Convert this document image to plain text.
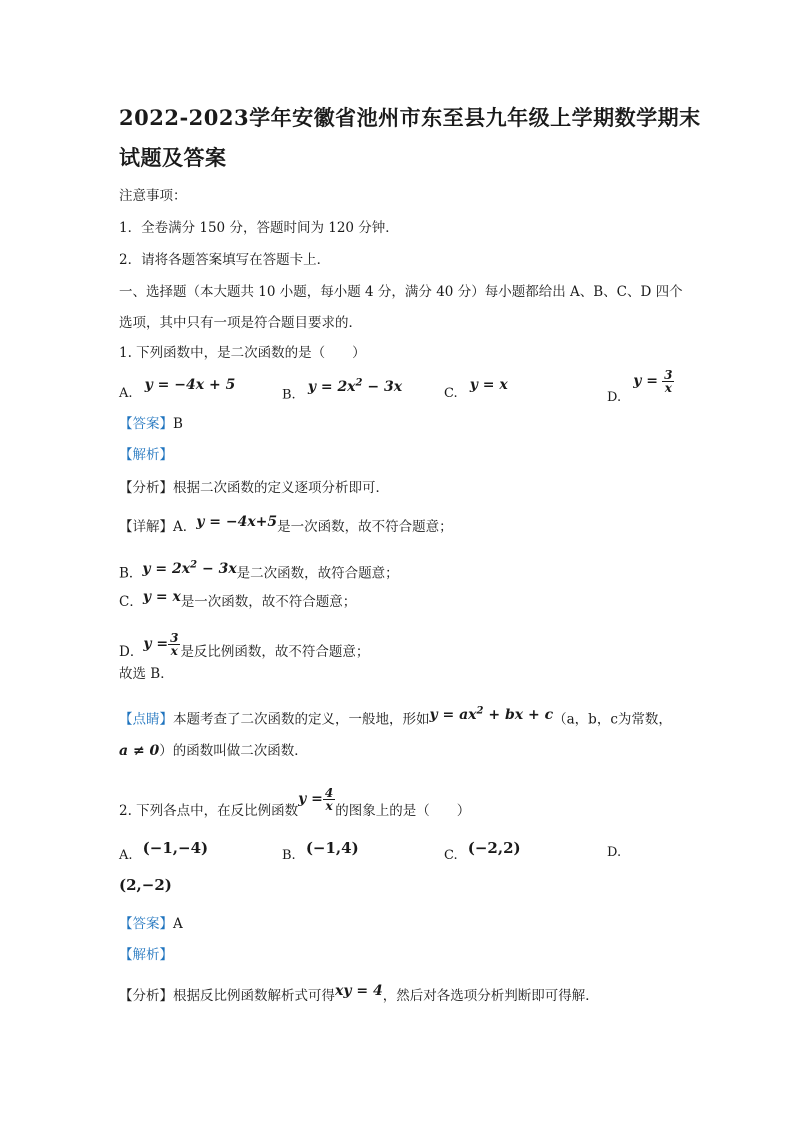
2022-2023学年安徽省池州市东至县九年级上学期数学期末
试题及答案
注意事项：
1．全卷满分 150 分，答题时间为 120 分钟．
2．请将各题答案填写在答题卡上．
一、选择题（本大题共 10 小题，每小题 4 分，满分 40 分）每小题都给出 A、B、C、D 四个
选项，其中只有一项是符合题目要求的．
1. 下列函数中，是二次函数的是（　　）
A. y = −4x + 5
B. $y = 2x^2 - 3x$	C. y = x
D. $y = \frac{3}{x}$
【答案】B
【解析】
【分析】根据二次函数的定义逐项分析即可．
【详解】A．y = −4x+5是一次函数，故不符合题意；
B．$y = 2x^2 - 3x$是二次函数，故符合题意；
C．y = x是一次函数，故不符合题意；
D．$y = \frac{3}{x}$ 是反比例函数，故不符合题意；
故选 B．
【点睛】本题考查了二次函数的定义，一般地，形如$y = ax^2$ + bx + c（a，b，c为常数，
a ≠ 0）的函数叫做二次函数．
2. 下列各点中，在反比例函数$y = \frac{4}{x}$ 的图象上的是（　　）
A. (−1,−4)	B. (−1,4)	C. (−2,2)	D.
(2,−2)
【答案】A
【解析】
【分析】根据反比例函数解析式可得xy = 4，然后对各选项分析判断即可得解．
